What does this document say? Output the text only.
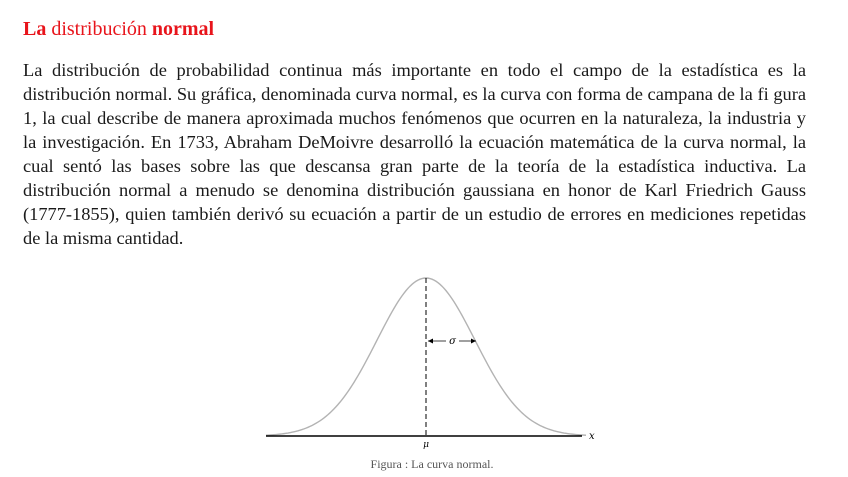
La distribución normal

La distribución de probabilidad continua más importante en todo el campo de la estadística es la distribución normal. Su gráfica, denominada curva normal, es la curva con forma de campana de la fi gura 1, la cual describe de manera aproximada muchos fenómenos que ocurren en la naturaleza, la industria y la investigación. En 1733, Abraham DeMoivre desarrolló la ecuación matemática de la curva normal, la cual sentó las bases sobre las que descansa gran parte de la teoría de la estadística inductiva. La distribución normal a menudo se denomina distribución gaussiana en honor de Karl Friedrich Gauss (1777-1855), quien también derivó su ecuación a partir de un estudio de errores en mediciones repetidas de la misma cantidad.

σ
μ
x
Figura : La curva normal.
